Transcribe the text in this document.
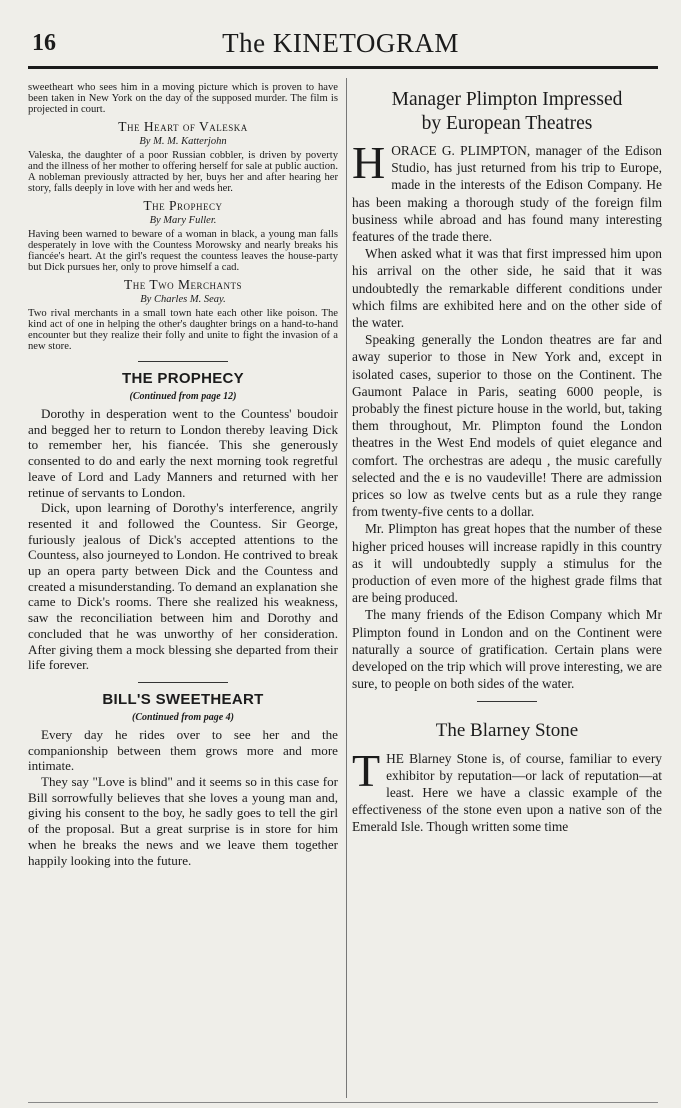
16	The KINETOGRAM

sweetheart who sees him in a moving picture which is proven to have been taken in New York on the day of the supposed murder. The film is projected in court.

The Heart of Valeska
By M. M. Katterjohn

Valeska, the daughter of a poor Russian cobbler, is driven by poverty and the illness of her mother to offering herself for sale at public auction. A nobleman previously attracted by her, buys her and after hearing her story, falls deeply in love with her and weds her.

The Prophecy
By Mary Fuller.

Having been warned to beware of a woman in black, a young man falls desperately in love with the Countess Morowsky and nearly breaks his fiancée's heart. At the girl's request the countess leaves the house-party but Dick pursues her, only to prove himself a cad.

The Two Merchants
By Charles M. Seay.

Two rival merchants in a small town hate each other like poison. The kind act of one in helping the other's daughter brings on a hand-to-hand encounter but they realize their folly and unite to fight the invasion of a new store.

THE PROPHECY
(Continued from page 12)

Dorothy in desperation went to the Countess' boudoir and begged her to return to London thereby leaving Dick to remember her, his fiancée. This she generously consented to do and early the next morning took regretful leave of Lord and Lady Manners and returned with her retinue of servants to London.

Dick, upon learning of Dorothy's interference, angrily resented it and followed the Countess. Sir George, furiously jealous of Dick's accepted attentions to the Countess, also journeyed to London. He contrived to break up an opera party between Dick and the Countess and created a misunderstanding. To demand an explanation she came to Dick's rooms. There she realized his weakness, saw the reconciliation between him and Dorothy and concluded that he was unworthy of her consideration. After giving them a mock blessing she departed from their life forever.

BILL'S SWEETHEART
(Continued from page 4)

Every day he rides over to see her and the companionship between them grows more and more intimate.

They say "Love is blind" and it seems so in this case for Bill sorrowfully believes that she loves a young man and, giving his consent to the boy, he sadly goes to tell the girl of the proposal. But a great surprise is in store for him when he breaks the news and we leave them together happily looking into the future.

Manager Plimpton Impressed
by European Theatres

HORACE G. PLIMPTON, manager of the Edison Studio, has just returned from his trip to Europe, made in the interests of the Edison Company. He has been making a thorough study of the foreign film business while abroad and has found many interesting features of the trade there.

When asked what it was that first impressed him upon his arrival on the other side, he said that it was undoubtedly the remarkable different conditions under which films are exhibited here and on the other side of the water.

Speaking generally the London theatres are far and away superior to those in New York and, except in isolated cases, superior to those on the Continent. The Gaumont Palace in Paris, seating 6000 people, is probably the finest picture house in the world, but, taking them throughout, Mr. Plimpton found the London theatres in the West End models of quiet elegance and comfort. The orchestras are adequ , the music carefully selected and the e is no vaudeville! There are admission prices so low as twelve cents but as a rule they range from twenty-five cents to a dollar.

Mr. Plimpton has great hopes that the number of these higher priced houses will increase rapidly in this country as it will undoubtedly supply a stimulus for the production of even more of the highest grade films that are being produced.

The many friends of the Edison Company which Mr Plimpton found in London and on the Continent were naturally a source of gratification. Certain plans were developed on the trip which will prove interesting, we are sure, to people on both sides of the water.

The Blarney Stone

THE Blarney Stone is, of course, familiar to every exhibitor by reputation—or lack of reputation—at least. Here we have a classic example of the effectiveness of the stone even upon a native son of the Emerald Isle. Though written some time
